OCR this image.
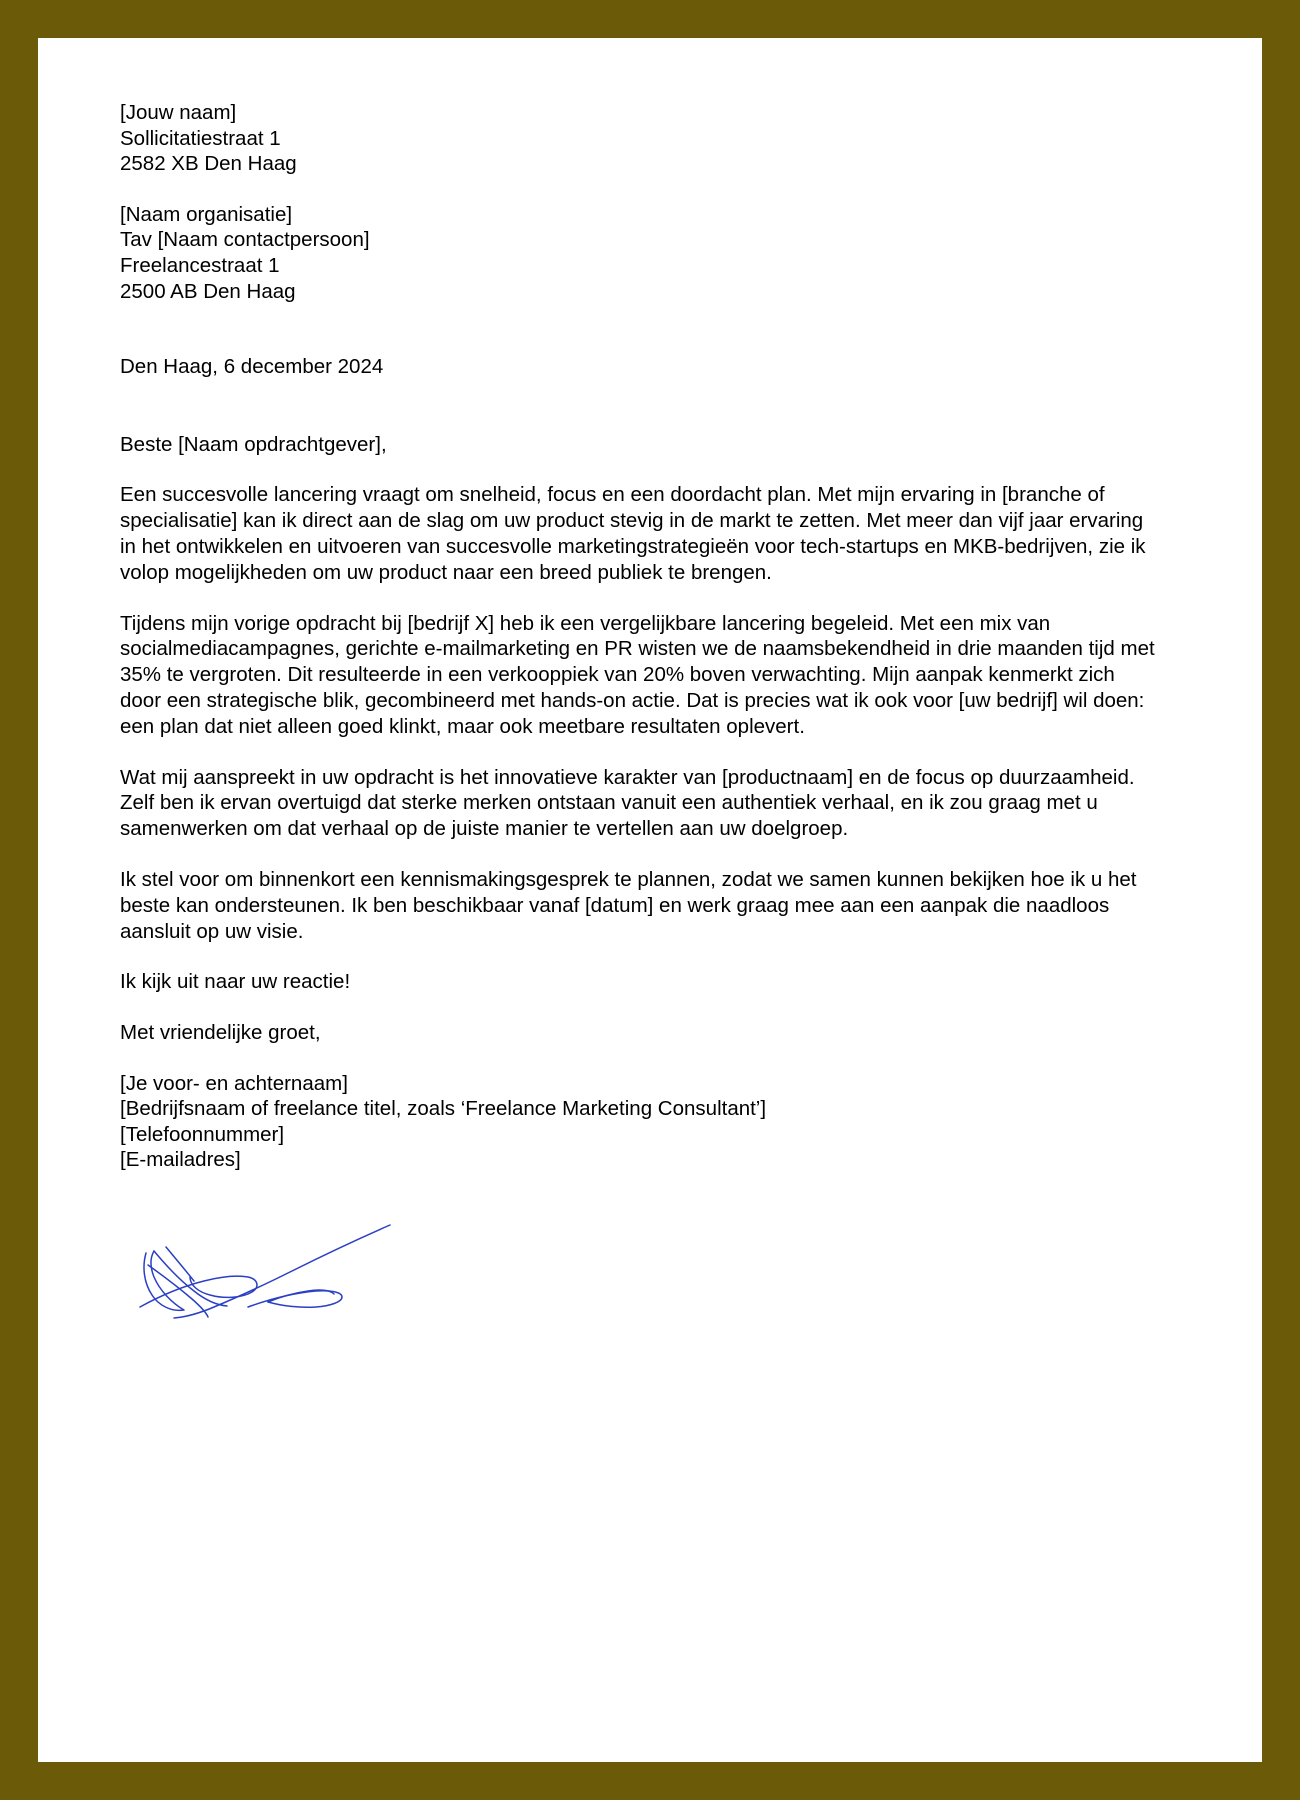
[Jouw naam]
Sollicitatiestraat 1
2582 XB Den Haag
[Naam organisatie]
Tav [Naam contactpersoon]
Freelancestraat 1
2500 AB Den Haag
Den Haag, 6 december 2024
Beste [Naam opdrachtgever],

Een succesvolle lancering vraagt om snelheid, focus en een doordacht plan. Met mijn ervaring in [branche of specialisatie] kan ik direct aan de slag om uw product stevig in de markt te zetten. Met meer dan vijf jaar ervaring in het ontwikkelen en uitvoeren van succesvolle marketingstrategieën voor tech-startups en MKB-bedrijven, zie ik volop mogelijkheden om uw product naar een breed publiek te brengen.

Tijdens mijn vorige opdracht bij [bedrijf X] heb ik een vergelijkbare lancering begeleid. Met een mix van socialmediacampagnes, gerichte e-mailmarketing en PR wisten we de naamsbekendheid in drie maanden tijd met 35% te vergroten. Dit resulteerde in een verkooppiek van 20% boven verwachting. Mijn aanpak kenmerkt zich door een strategische blik, gecombineerd met hands-on actie. Dat is precies wat ik ook voor [uw bedrijf] wil doen: een plan dat niet alleen goed klinkt, maar ook meetbare resultaten oplevert.

Wat mij aanspreekt in uw opdracht is het innovatieve karakter van [productnaam] en de focus op duurzaamheid. Zelf ben ik ervan overtuigd dat sterke merken ontstaan vanuit een authentiek verhaal, en ik zou graag met u samenwerken om dat verhaal op de juiste manier te vertellen aan uw doelgroep.

Ik stel voor om binnenkort een kennismakingsgesprek te plannen, zodat we samen kunnen bekijken hoe ik u het beste kan ondersteunen. Ik ben beschikbaar vanaf [datum] en werk graag mee aan een aanpak die naadloos aansluit op uw visie.

Ik kijk uit naar uw reactie!

Met vriendelijke groet,
[Je voor- en achternaam]
[Bedrijfsnaam of freelance titel, zoals ‘Freelance Marketing Consultant’]
[Telefoonnummer]
[E-mailadres]
